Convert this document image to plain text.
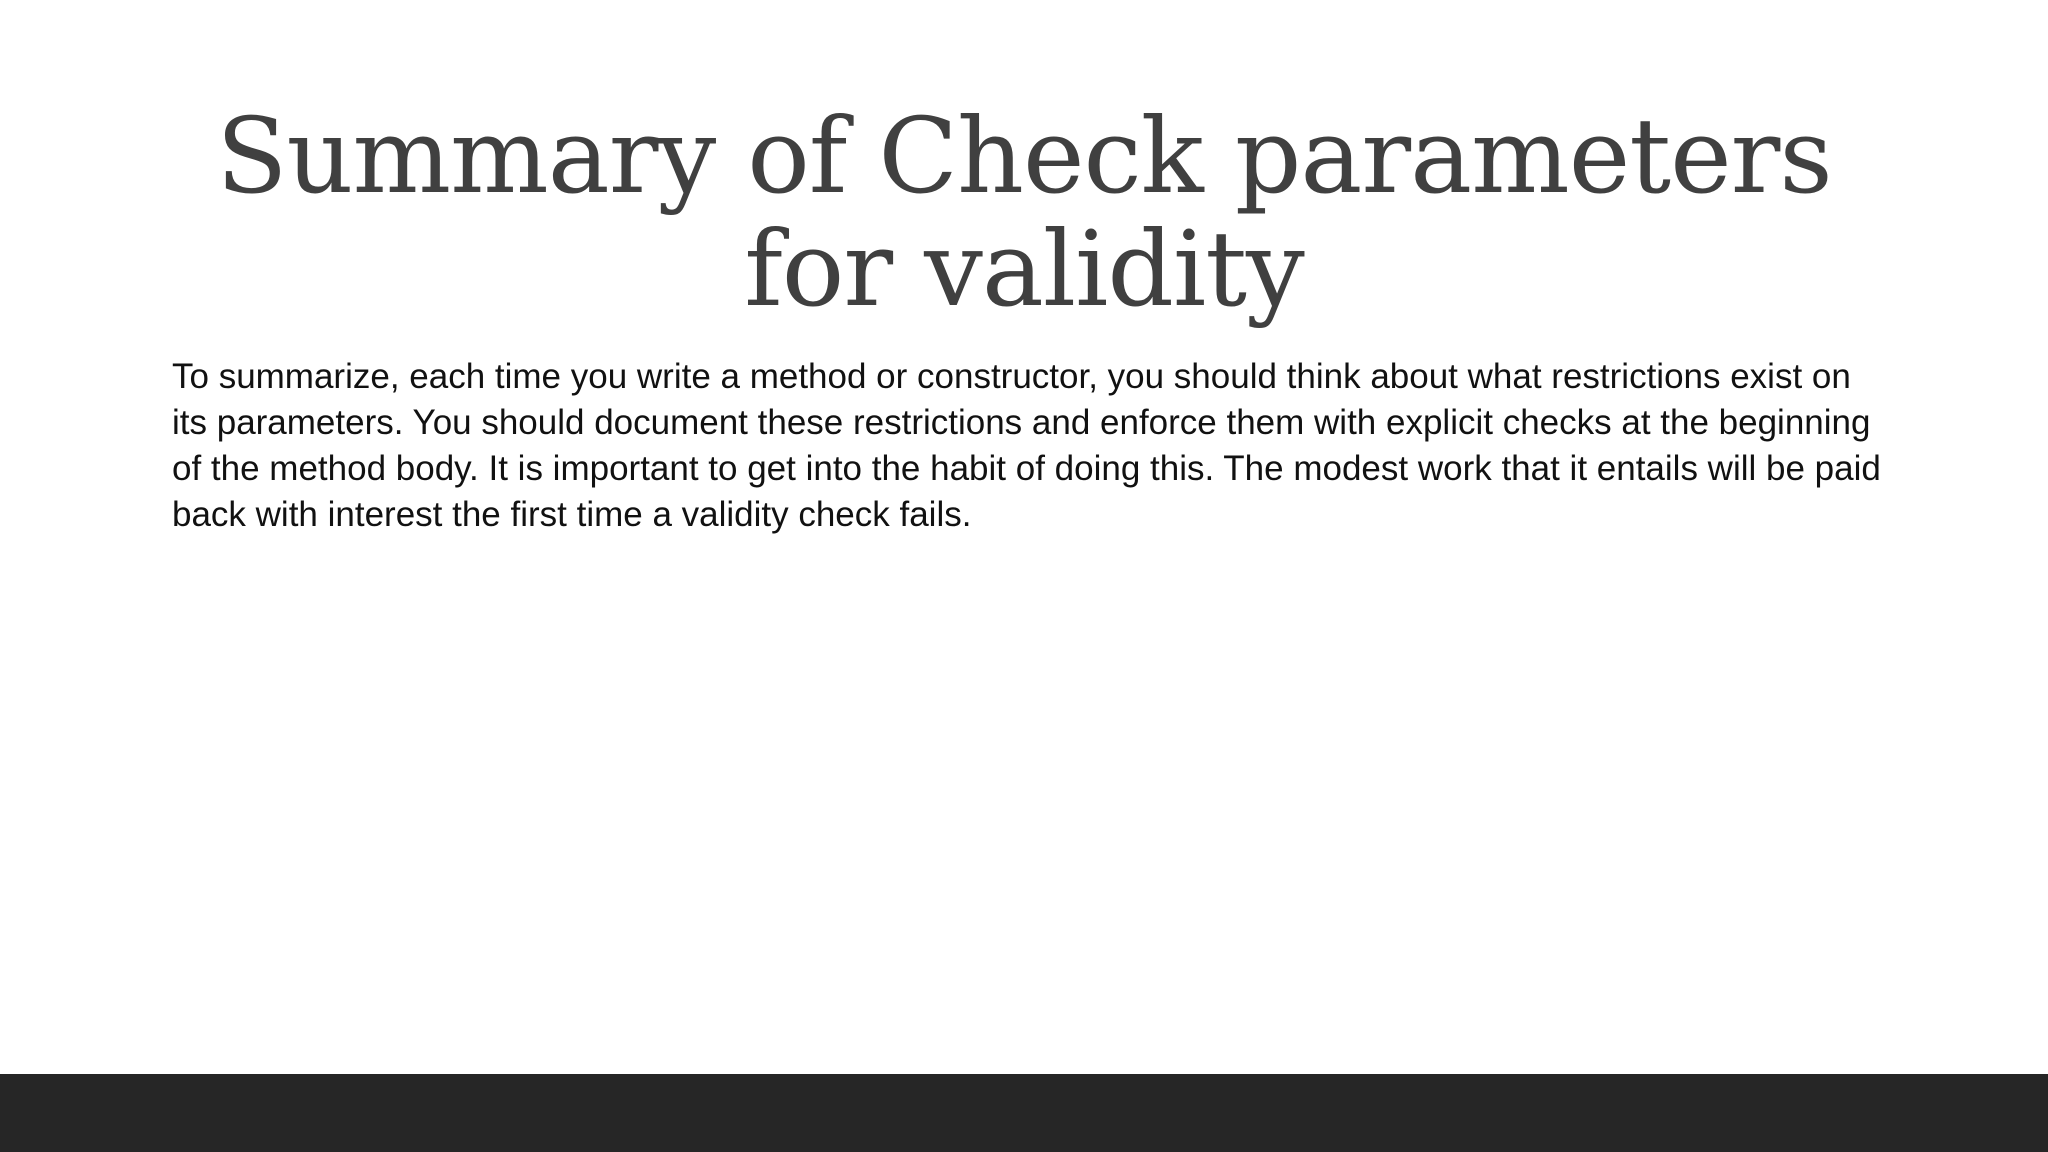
Summary of Check parameters for validity

To summarize, each time you write a method or constructor, you should think about what restrictions exist on its parameters. You should document these restrictions and enforce them with explicit checks at the beginning of the method body. It is important to get into the habit of doing this. The modest work that it entails will be paid back with interest the first time a validity check fails.
